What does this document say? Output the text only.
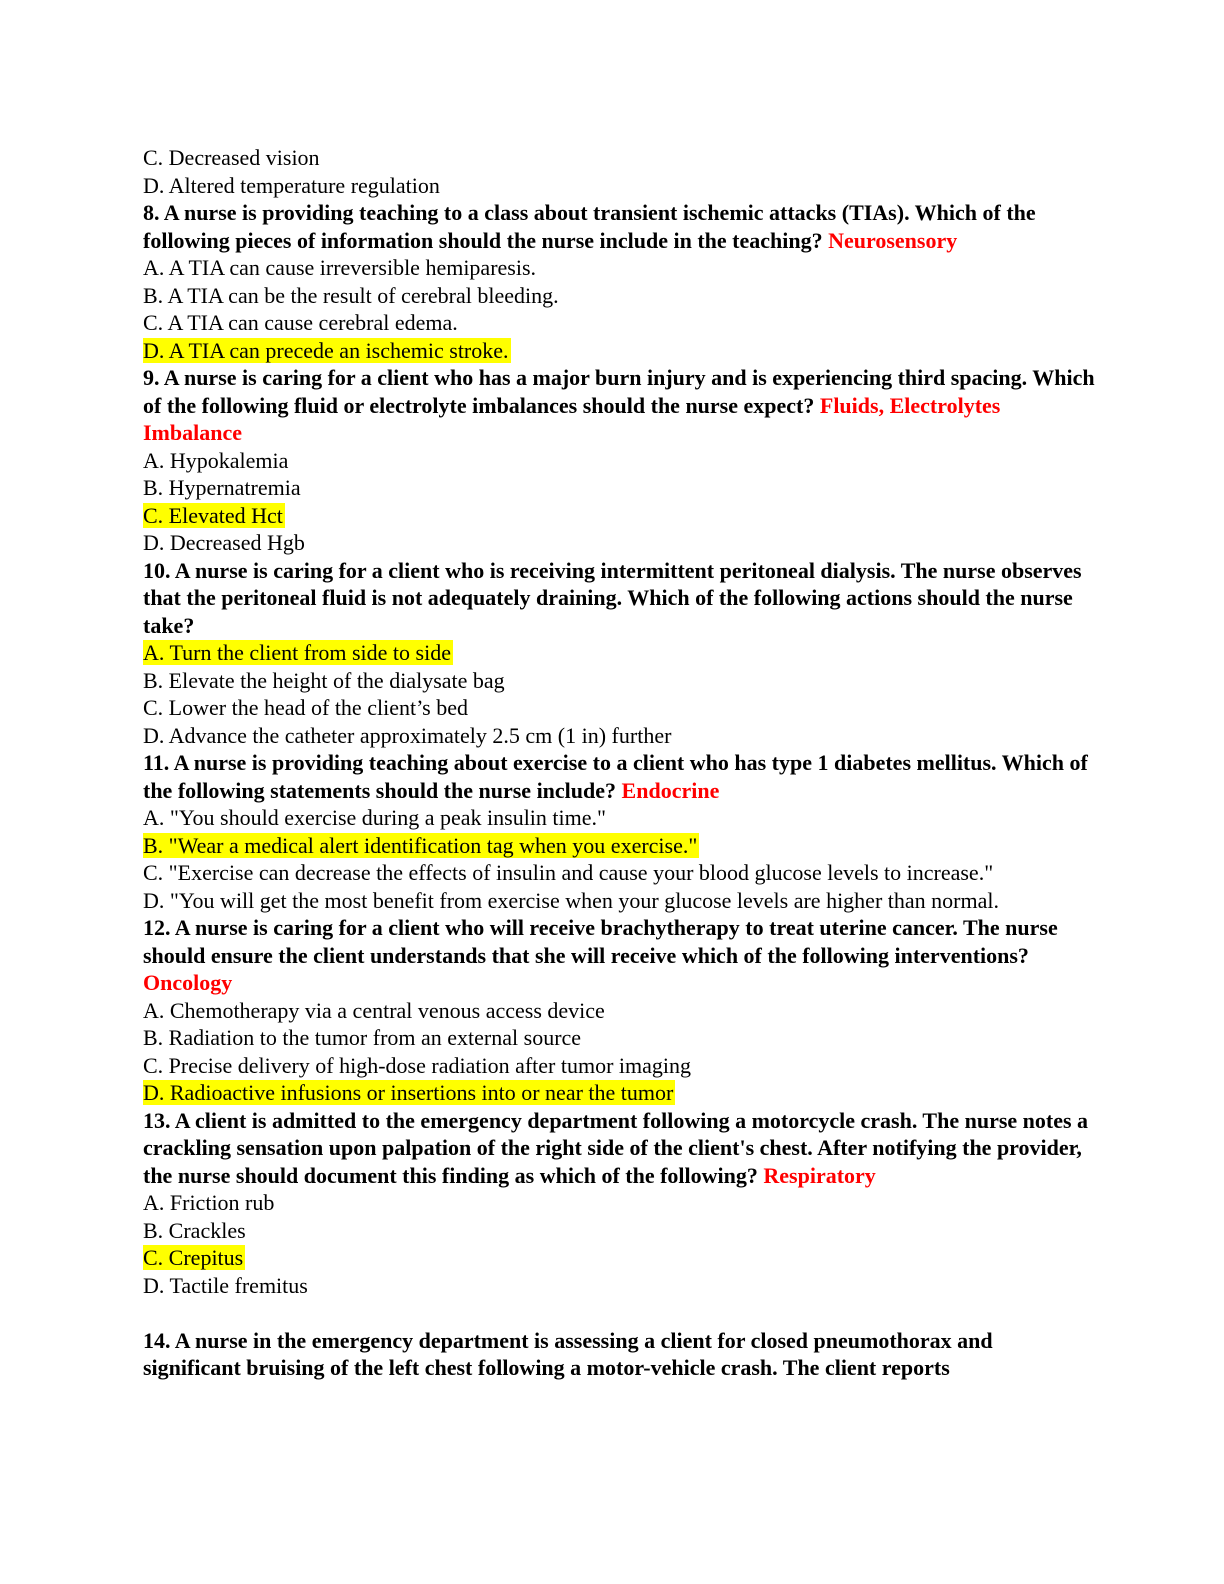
C. Decreased vision
D. Altered temperature regulation

8. A nurse is providing teaching to a class about transient ischemic attacks (TIAs). Which of the following pieces of information should the nurse include in the teaching? Neurosensory

A. A TIA can cause irreversible hemiparesis.
B. A TIA can be the result of cerebral bleeding.
C. A TIA can cause cerebral edema.
D. A TIA can precede an ischemic stroke.

9. A nurse is caring for a client who has a major burn injury and is experiencing third spacing. Which of the following fluid or electrolyte imbalances should the nurse expect? Fluids, Electrolytes Imbalance

A. Hypokalemia
B. Hypernatremia
C. Elevated Hct
D. Decreased Hgb

10. A nurse is caring for a client who is receiving intermittent peritoneal dialysis. The nurse observes that the peritoneal fluid is not adequately draining. Which of the following actions should the nurse take?

A. Turn the client from side to side
B. Elevate the height of the dialysate bag
C. Lower the head of the client’s bed
D. Advance the catheter approximately 2.5 cm (1 in) further

11. A nurse is providing teaching about exercise to a client who has type 1 diabetes mellitus. Which of the following statements should the nurse include? Endocrine

A. "You should exercise during a peak insulin time."
B. "Wear a medical alert identification tag when you exercise."
C. "Exercise can decrease the effects of insulin and cause your blood glucose levels to increase."
D. "You will get the most benefit from exercise when your glucose levels are higher than normal.

12. A nurse is caring for a client who will receive brachytherapy to treat uterine cancer. The nurse should ensure the client understands that she will receive which of the following interventions? Oncology

A. Chemotherapy via a central venous access device
B. Radiation to the tumor from an external source
C. Precise delivery of high-dose radiation after tumor imaging
D. Radioactive infusions or insertions into or near the tumor

13. A client is admitted to the emergency department following a motorcycle crash. The nurse notes a crackling sensation upon palpation of the right side of the client's chest. After notifying the provider, the nurse should document this finding as which of the following? Respiratory

A. Friction rub
B. Crackles
C. Crepitus
D. Tactile fremitus

14. A nurse in the emergency department is assessing a client for closed pneumothorax and significant bruising of the left chest following a motor-vehicle crash. The client reports
